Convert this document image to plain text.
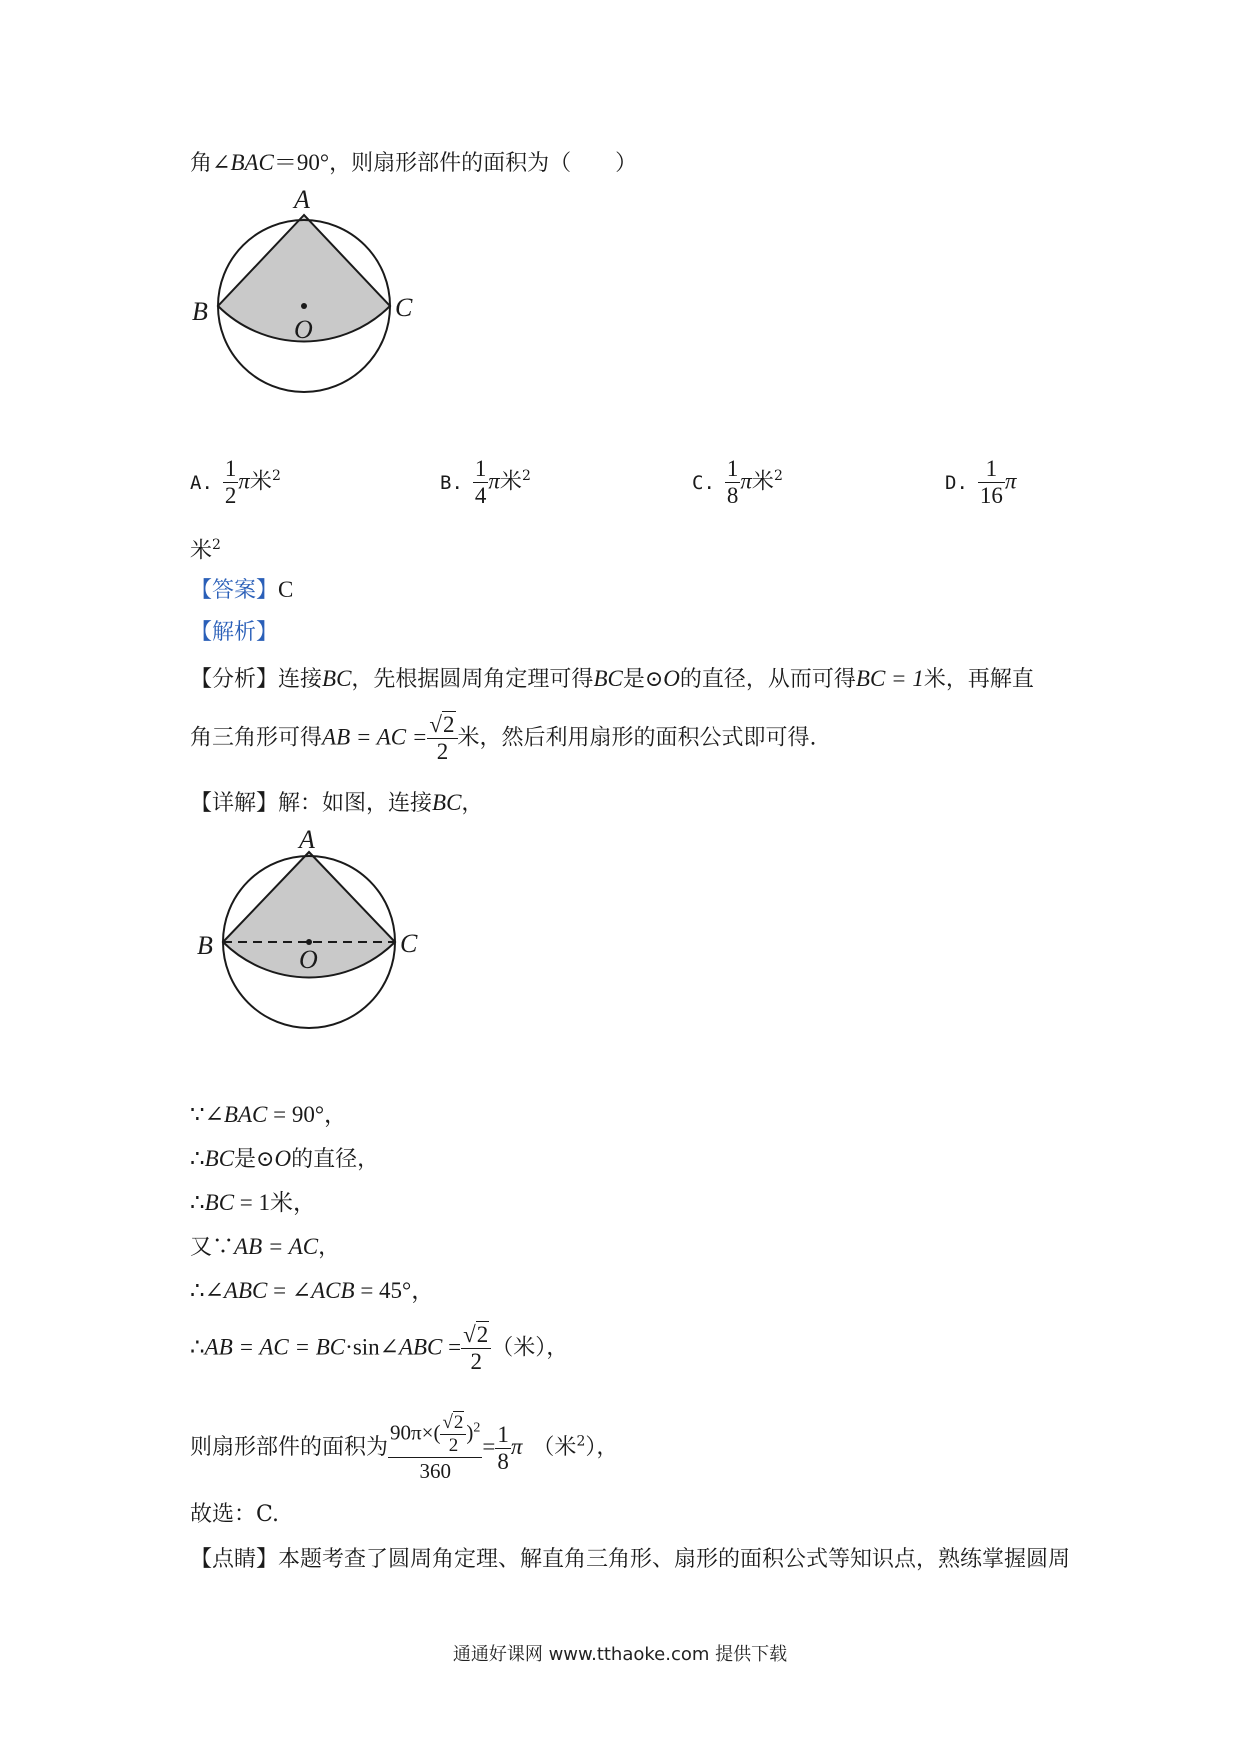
角∠BAC＝90°，则扇形部件的面积为（　　）
A
B	C
O
A. $\frac{1}{2}$ π米$^2$	B. $\frac{1}{4}$ π米$^2$	C. $\frac{1}{8}$ π米$^2$	D. $\frac{1}{16}$ π
米$^2$
【答案】C
【解析】
【分析】连接BC，先根据圆周角定理可得BC是⊙O的直径，从而可得BC = 1米，再解直
角三角形可得AB = AC = $\frac{√2}{2}$ 米，然后利用扇形的面积公式即可得.
【详解】解：如图，连接BC，
A
B	C
O
∵∠BAC = 90°，
∴BC是⊙O的直径，
∴BC = 1米，
又∵AB = AC，
∴∠ABC = ∠ACB = 45°，
∴AB = AC = BC·sin∠ABC = $\frac{√2}{2}$ （米），
则扇形部件的面积为 $\frac{90\pi\times( \frac{√2}{2} )^2}{360} = \frac{1}{8}$ π （米$^2$），
故选：C.
【点睛】本题考查了圆周角定理、解直角三角形、扇形的面积公式等知识点，熟练掌握圆周
通通好课网 www.tthaoke.com 提供下载
